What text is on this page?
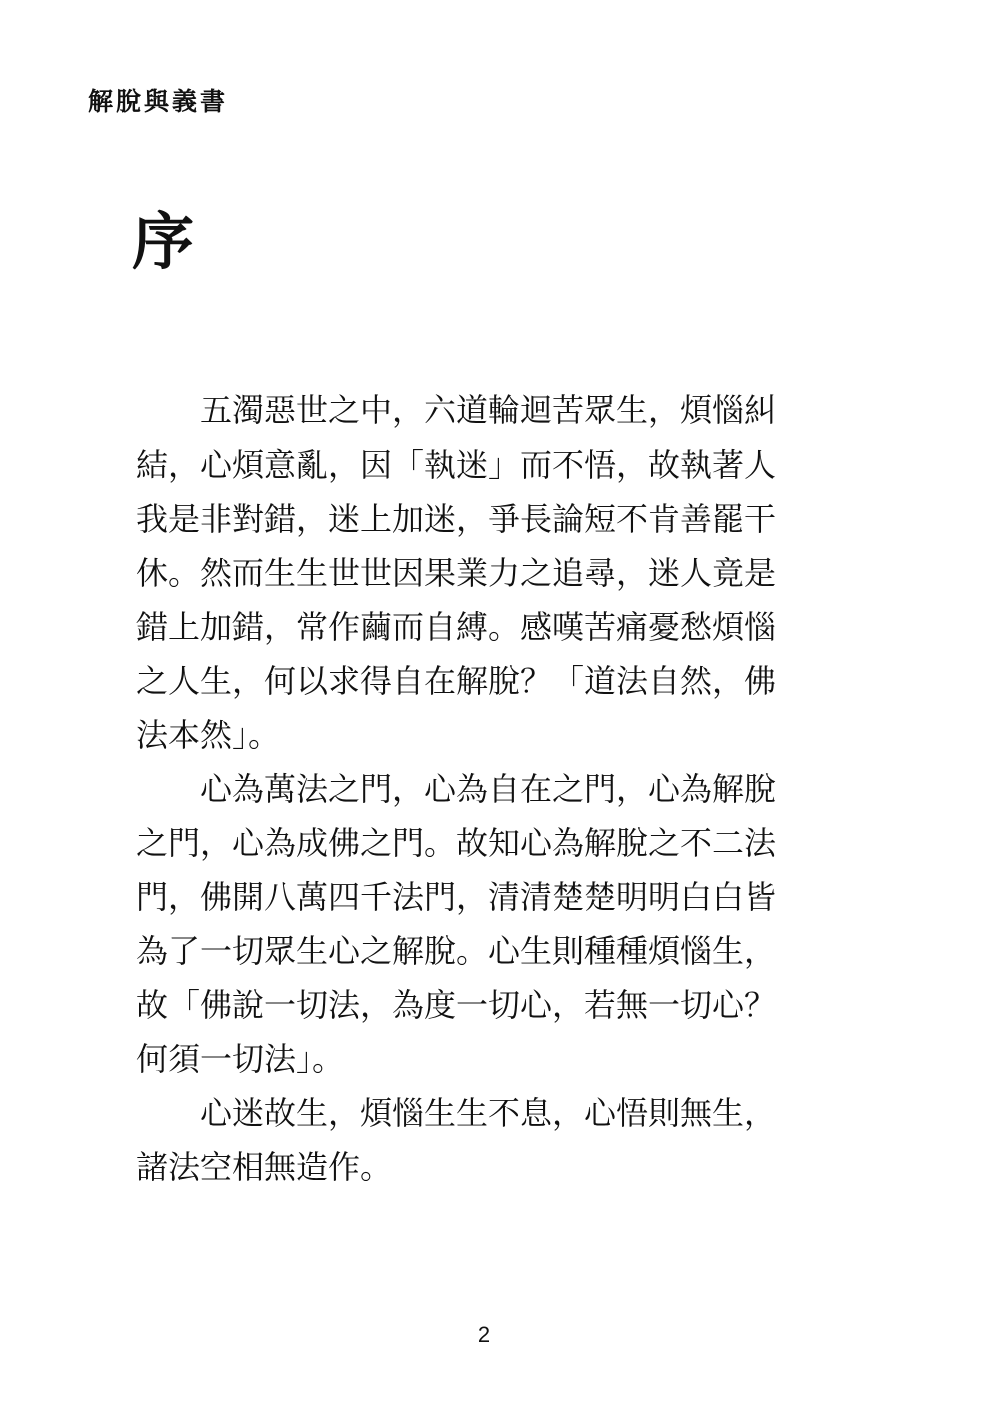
解脫與義書
序
　　五濁惡世之中，六道輪迴苦眾生，煩惱糾
結，心煩意亂，因「執迷」而不悟，故執著人
我是非對錯，迷上加迷，爭長論短不肯善罷干
休。然而生生世世因果業力之追尋，迷人竟是
錯上加錯，常作繭而自縛。感嘆苦痛憂愁煩惱
之人生，何以求得自在解脫？「道法自然，佛
法本然」。
　　心為萬法之門，心為自在之門，心為解脫
之門，心為成佛之門。故知心為解脫之不二法
門，佛開八萬四千法門，清清楚楚明明白白皆
為了一切眾生心之解脫。心生則種種煩惱生，
故「佛說一切法，為度一切心，若無一切心？
何須一切法」。
　　心迷故生，煩惱生生不息，心悟則無生，
諸法空相無造作。
2
